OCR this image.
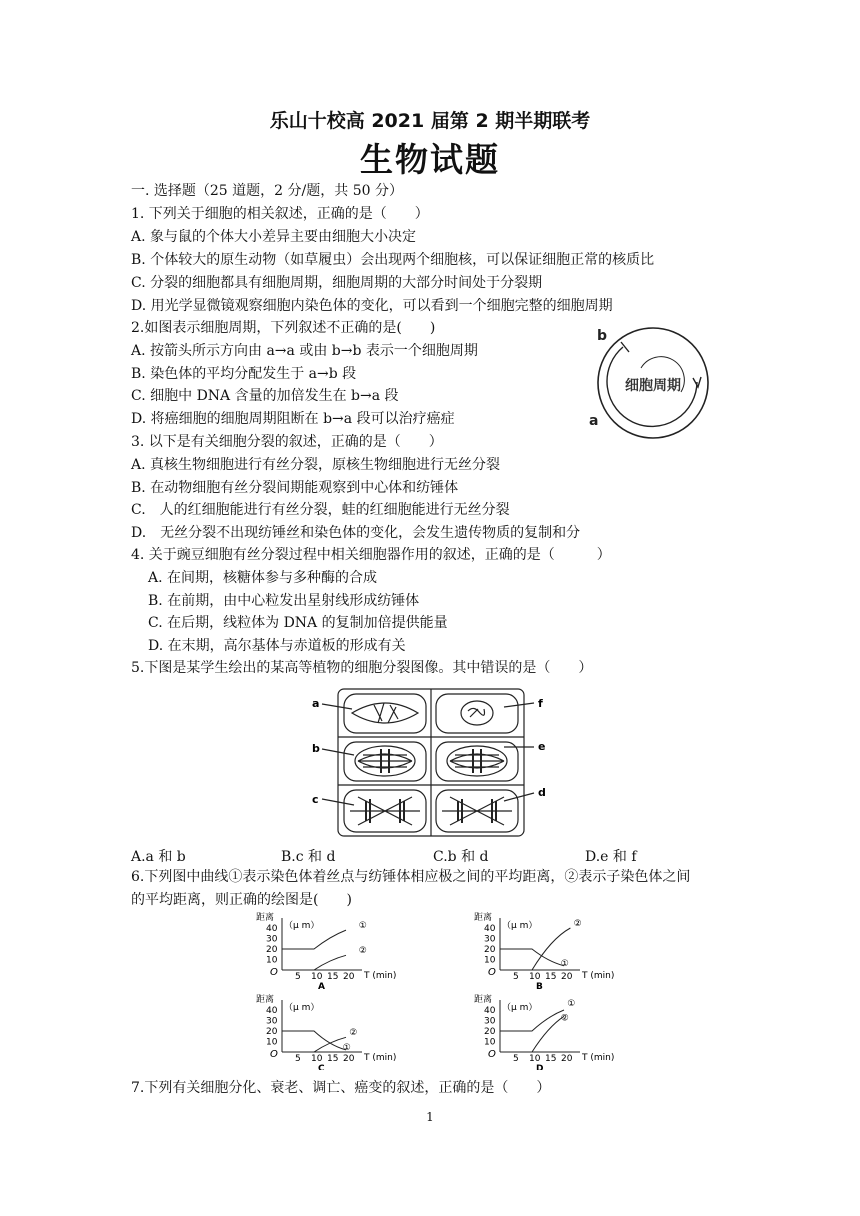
乐山十校高 2021 届第 2 期半期联考
生物试题
一. 选择题（25 道题，2 分/题，共 50 分）
1. 下列关于细胞的相关叙述，正确的是（　　）
A. 象与鼠的个体大小差异主要由细胞大小决定
B. 个体较大的原生动物（如草履虫）会出现两个细胞核，可以保证细胞正常的核质比
C. 分裂的细胞都具有细胞周期，细胞周期的大部分时间处于分裂期
D. 用光学显微镜观察细胞内染色体的变化，可以看到一个细胞完整的细胞周期
2.如图表示细胞周期，下列叙述不正确的是(　　)
A. 按箭头所示方向由 a→a 或由 b→b 表示一个细胞周期
B. 染色体的平均分配发生于 a→b 段
C. 细胞中 DNA 含量的加倍发生在 b→a 段
D. 将癌细胞的细胞周期阻断在 b→a 段可以治疗癌症
细胞周期
b
a
3. 以下是有关细胞分裂的叙述，正确的是（　　）
A. 真核生物细胞进行有丝分裂，原核生物细胞进行无丝分裂
B. 在动物细胞有丝分裂间期能观察到中心体和纺锤体
C.　人的红细胞能进行有丝分裂，蛙的红细胞能进行无丝分裂
D.　无丝分裂不出现纺锤丝和染色体的变化，会发生遗传物质的复制和分
4. 关于豌豆细胞有丝分裂过程中相关细胞器作用的叙述，正确的是（　　　）
A. 在间期，核糖体参与多种酶的合成
B. 在前期，由中心粒发出星射线形成纺锤体
C. 在后期，线粒体为 DNA 的复制加倍提供能量
D. 在末期，高尔基体与赤道板的形成有关
5.下图是某学生绘出的某高等植物的细胞分裂图像。其中错误的是（　　）
a	f
b	e
c
d
A.a 和 b	B.c 和 d	C.b 和 d	D.e 和 f
6.下列图中曲线①表示染色体着丝点与纺锤体相应极之间的平均距离，②表示子染色体之间
的平均距离，则正确的绘图是(　　)
距离
（μ m）
T (min)
O
40
30
20
10
5 10 15 20
A
①
②
距离
（μ m）
T (min)
O
40
30
20
10
5 10 15 20
B
①
②
距离
（μ m）
T (min)
O
40
30
20
10
5 10 15 20
C
①
②
距离
（μ m）
T (min)
O
40
30
20
10
5 10 15 20
D
①
②
7.下列有关细胞分化、衰老、调亡、癌变的叙述，正确的是（　　）
1
